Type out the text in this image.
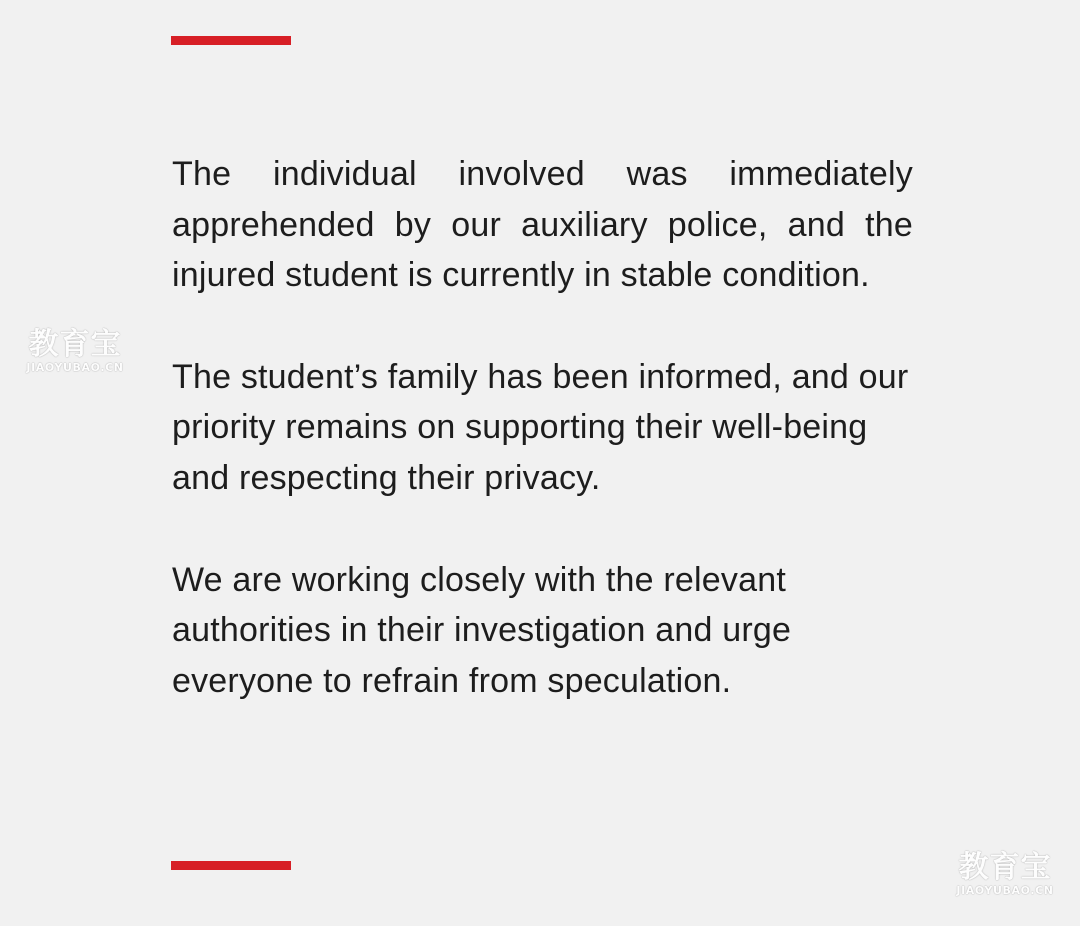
The individual involved was immediately apprehended by our auxiliary police, and the injured student is currently in stable condition.

The student’s family has been informed, and our priority remains on supporting their well-being and respecting their privacy.

We are working closely with the relevant authorities in their investigation and urge everyone to refrain from speculation.

教育宝
JIAOYUBAO.CN
教育宝
JIAOYUBAO.CN
